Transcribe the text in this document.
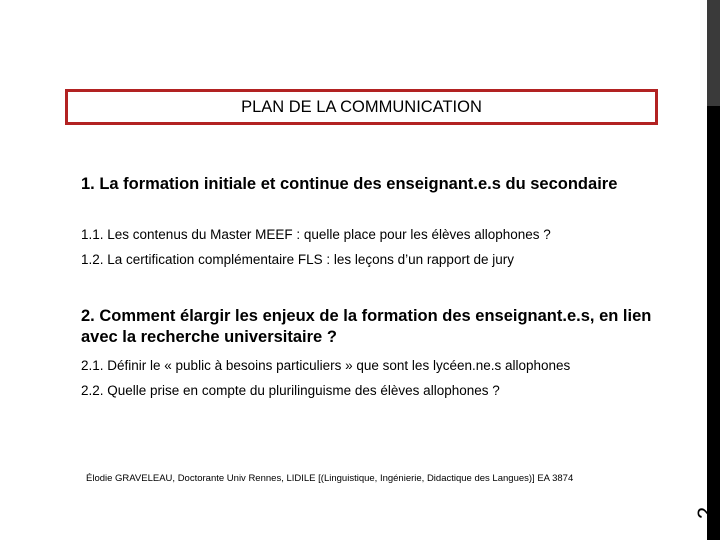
2
PLAN DE LA COMMUNICATION
1. La formation initiale et continue des enseignant.e.s du secondaire
1.1. Les contenus du Master MEEF : quelle place pour les élèves allophones ?
1.2. La certification complémentaire FLS : les leçons d’un rapport de jury
2. Comment élargir les enjeux de la formation des enseignant.e.s, en lien avec la recherche universitaire ?
2.1. Définir le « public à besoins particuliers » que sont les lycéen.ne.s allophones
2.2. Quelle prise en compte du plurilinguisme des élèves allophones ?
Élodie GRAVELEAU, Doctorante Univ Rennes, LIDILE [(Linguistique, Ingénierie, Didactique des Langues)] EA 3874
